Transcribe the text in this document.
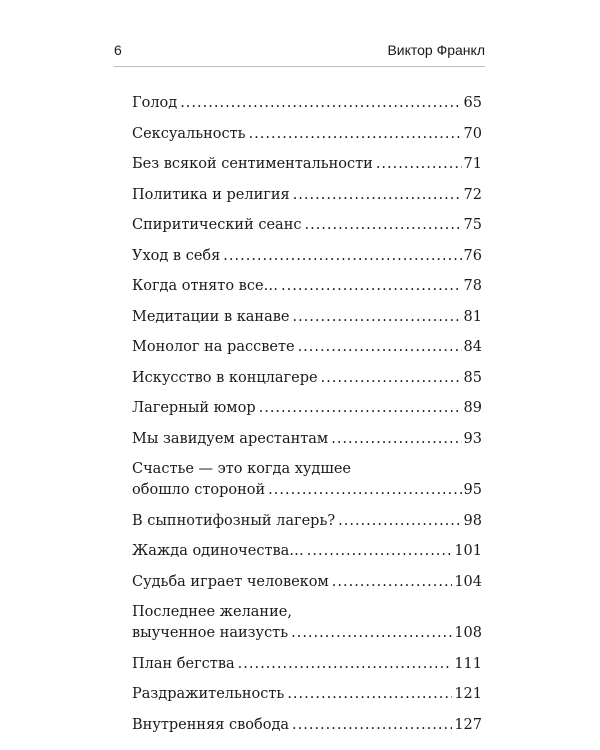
6	Виктор Франкл
Голод .....	65
Сексуальность .....	70
Без всякой сентиментальности .....	71
Политика и религия .....	72
Спиритический сеанс .....	75
Уход в себя .....	76
Когда отнято все… .....	78
Медитации в канаве .....	81
Монолог на рассвете .....	84
Искусство в концлагере .....	85
Лагерный юмор .....	89
Мы завидуем арестантам .....	93
Счастье — это когда худшее
обошло стороной .....	95
В сыпнотифозный лагерь? .....	98
Жажда одиночества… .....	101
Судьба играет человеком .....	104
Последнее желание,
выученное наизусть .....	108
План бегства .....	111
Раздражительность .....	121
Внутренняя свобода .....	127
